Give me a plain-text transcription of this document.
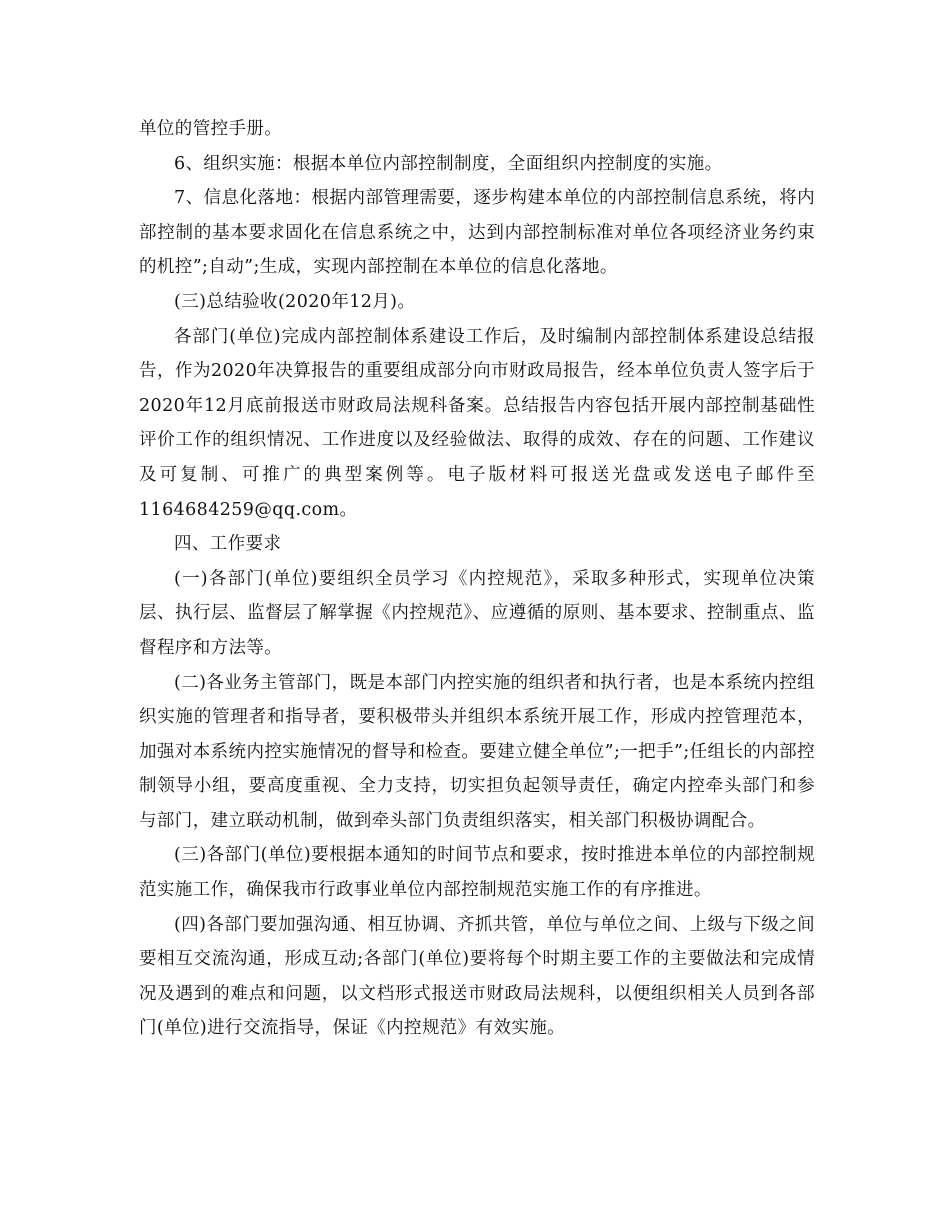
单位的管控手册。

6、组织实施：根据本单位内部控制制度，全面组织内控制度的实施。

7、信息化落地：根据内部管理需要，逐步构建本单位的内部控制信息系统，将内部控制的基本要求固化在信息系统之中，达到内部控制标准对单位各项经济业务约束的机控”;自动”;生成，实现内部控制在本单位的信息化落地。

(三)总结验收(2020年12月)。

各部门(单位)完成内部控制体系建设工作后，及时编制内部控制体系建设总结报告，作为2020年决算报告的重要组成部分向市财政局报告，经本单位负责人签字后于2020年12月底前报送市财政局法规科备案。总结报告内容包括开展内部控制基础性评价工作的组织情况、工作进度以及经验做法、取得的成效、存在的问题、工作建议及可复制、可推广的典型案例等。电子版材料可报送光盘或发送电子邮件至1164684259@qq.com。

四、工作要求

(一)各部门(单位)要组织全员学习《内控规范》，采取多种形式，实现单位决策层、执行层、监督层了解掌握《内控规范》、应遵循的原则、基本要求、控制重点、监督程序和方法等。

(二)各业务主管部门，既是本部门内控实施的组织者和执行者，也是本系统内控组织实施的管理者和指导者，要积极带头并组织本系统开展工作，形成内控管理范本，加强对本系统内控实施情况的督导和检查。要建立健全单位”;一把手”;任组长的内部控制领导小组，要高度重视、全力支持，切实担负起领导责任，确定内控牵头部门和参与部门，建立联动机制，做到牵头部门负责组织落实，相关部门积极协调配合。

(三)各部门(单位)要根据本通知的时间节点和要求，按时推进本单位的内部控制规范实施工作，确保我市行政事业单位内部控制规范实施工作的有序推进。

(四)各部门要加强沟通、相互协调、齐抓共管，单位与单位之间、上级与下级之间要相互交流沟通，形成互动;各部门(单位)要将每个时期主要工作的主要做法和完成情况及遇到的难点和问题，以文档形式报送市财政局法规科，以便组织相关人员到各部门(单位)进行交流指导，保证《内控规范》有效实施。
